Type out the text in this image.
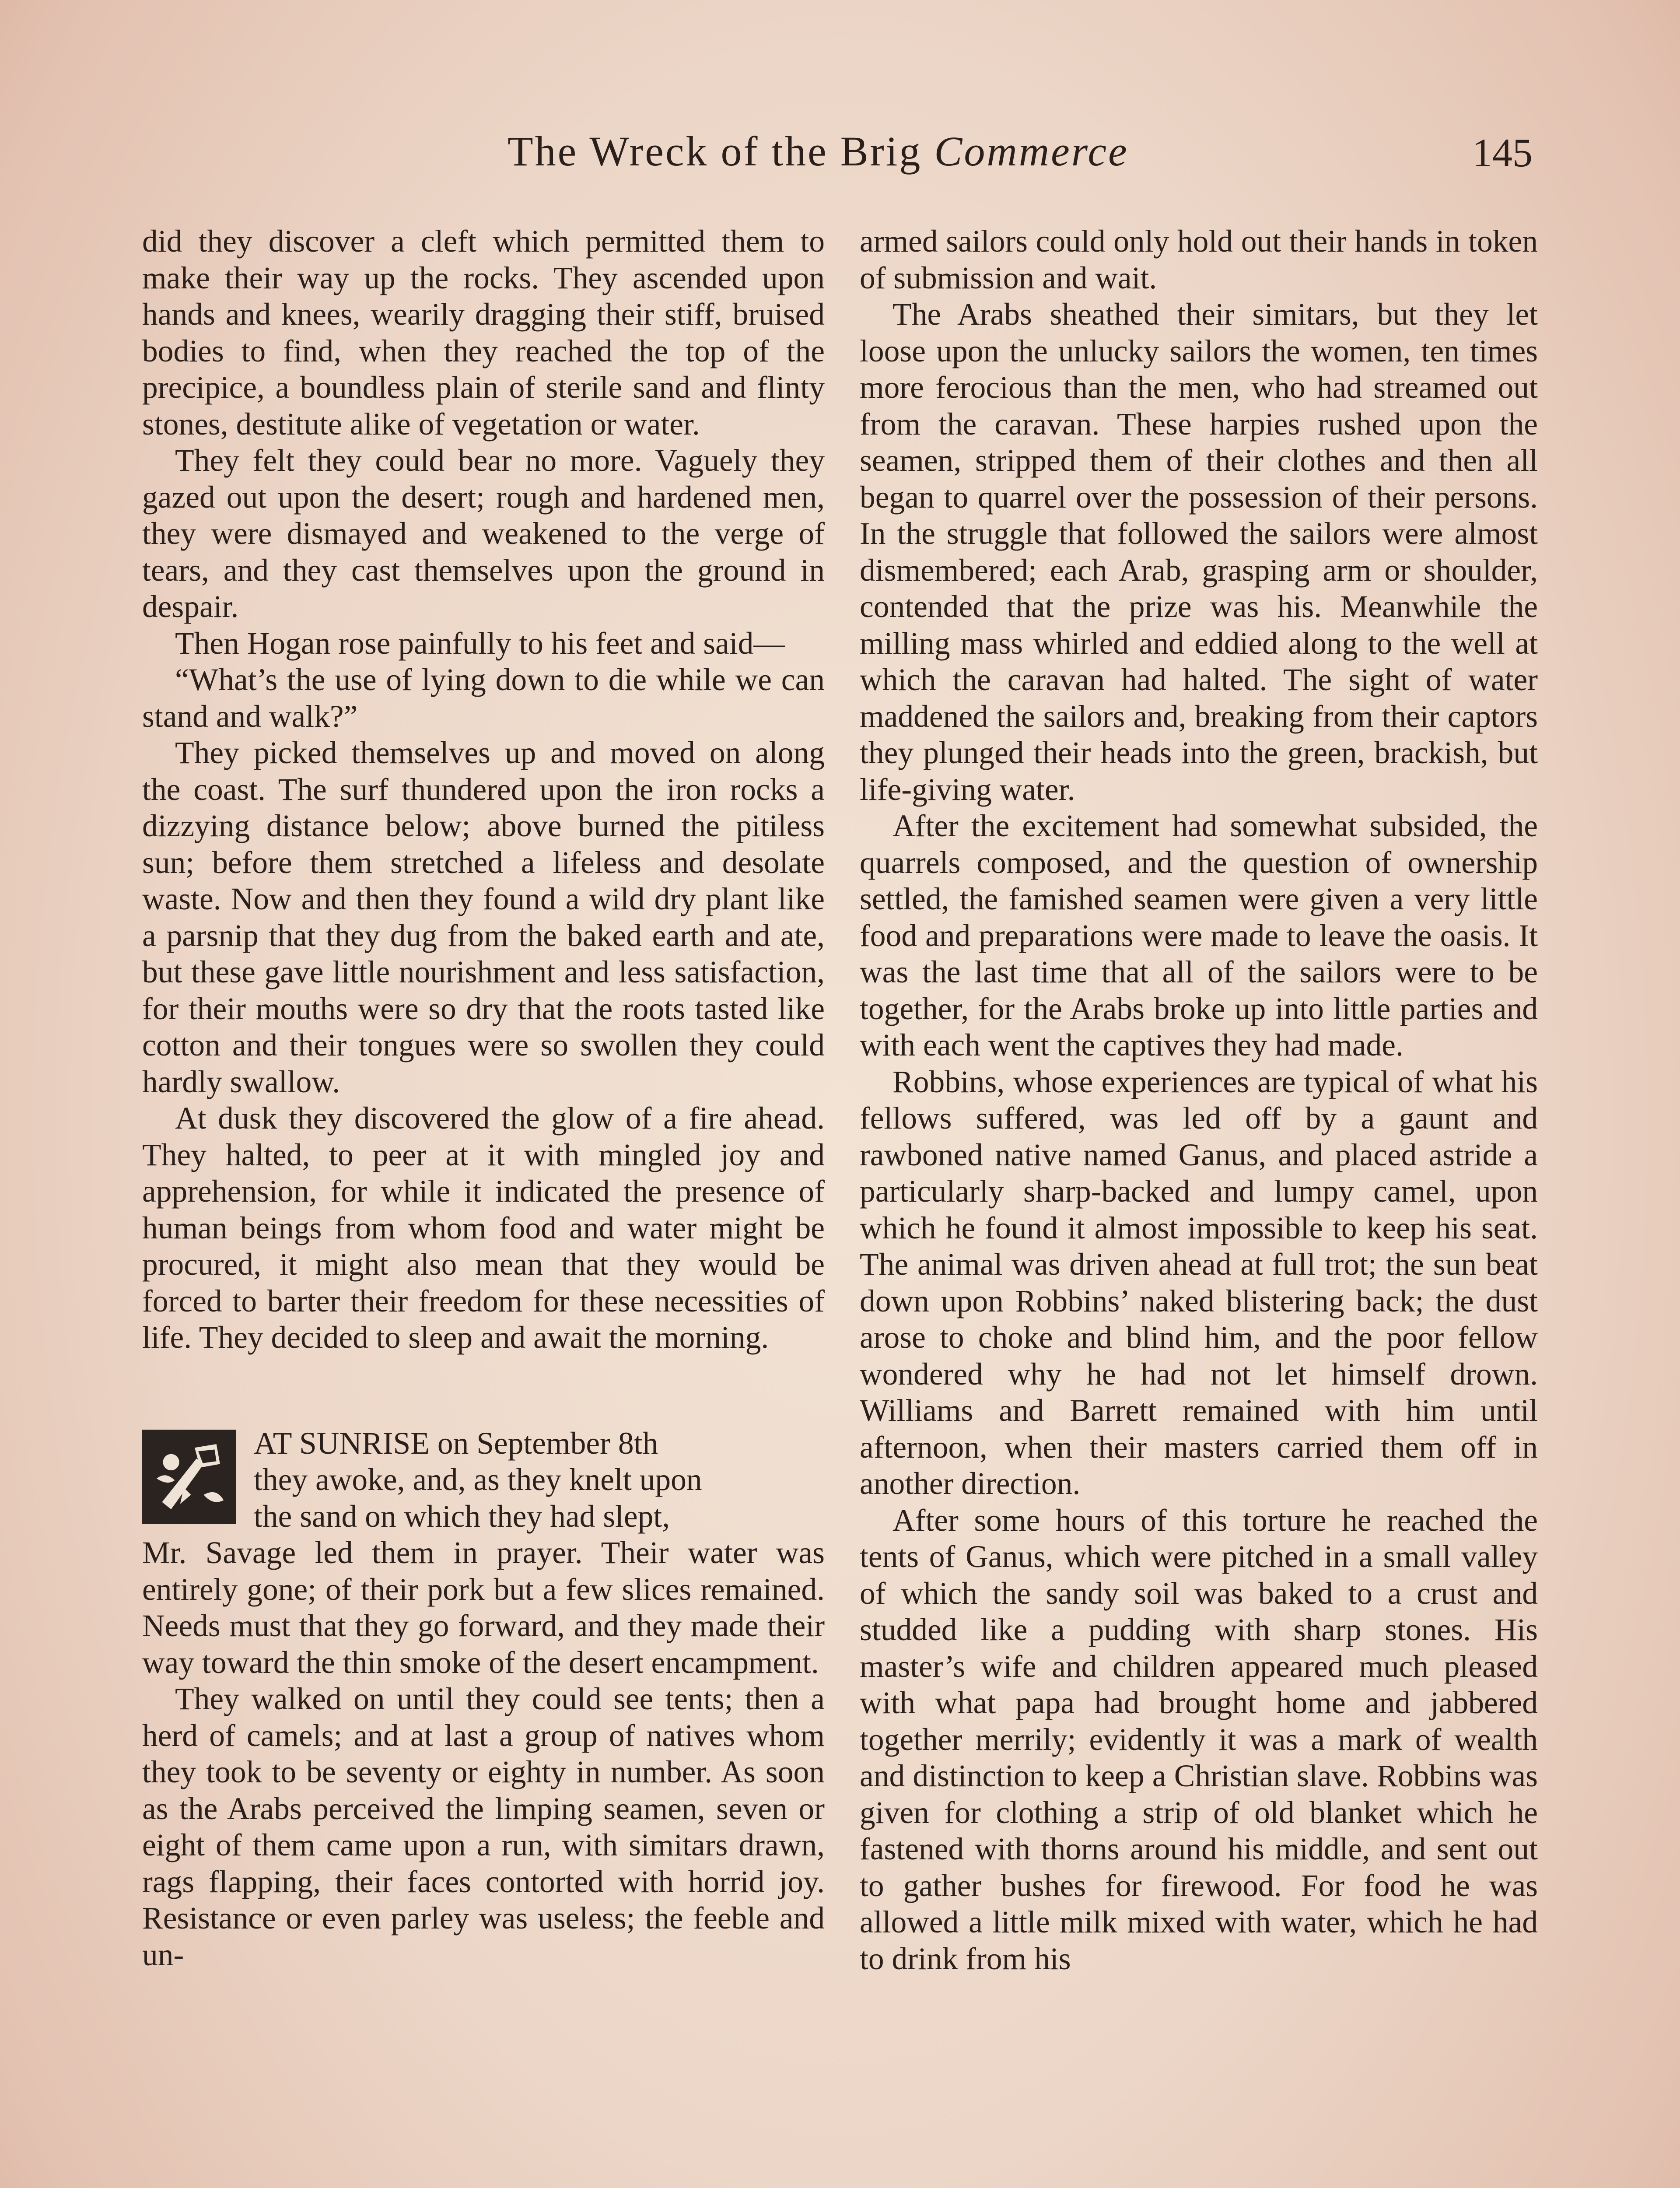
The Wreck of the Brig Commerce	145

did they discover a cleft which permitted them to make their way up the rocks. They ascended upon hands and knees, wearily dragging their stiff, bruised bodies to find, when they reached the top of the precipice, a boundless plain of sterile sand and flinty stones, destitute alike of vegetation or water.

They felt they could bear no more. Vaguely they gazed out upon the desert; rough and hardened men, they were dismayed and weakened to the verge of tears, and they cast themselves upon the ground in despair.

Then Hogan rose painfully to his feet and said—

“What’s the use of lying down to die while we can stand and walk?”

They picked themselves up and moved on along the coast. The surf thundered upon the iron rocks a dizzying distance below; above burned the pitiless sun; before them stretched a lifeless and desolate waste. Now and then they found a wild dry plant like a parsnip that they dug from the baked earth and ate, but these gave little nourishment and less satisfaction, for their mouths were so dry that the roots tasted like cotton and their tongues were so swollen they could hardly swallow.

At dusk they discovered the glow of a fire ahead. They halted, to peer at it with mingled joy and apprehension, for while it indicated the presence of human beings from whom food and water might be procured, it might also mean that they would be forced to barter their freedom for these necessities of life. They decided to sleep and await the morning.

AT SUNRISE on September 8th
they awoke, and, as they knelt upon
the sand on which they had slept,
Mr. Savage led them in prayer. Their water was entirely gone; of their pork but a few slices remained. Needs must that they go forward, and they made their way toward the thin smoke of the desert encampment.

They walked on until they could see tents; then a herd of camels; and at last a group of natives whom they took to be seventy or eighty in number. As soon as the Arabs perceived the limping seamen, seven or eight of them came upon a run, with simitars drawn, rags flapping, their faces contorted with horrid joy. Resistance or even parley was useless; the feeble and un-

armed sailors could only hold out their hands in token of submission and wait.

The Arabs sheathed their simitars, but they let loose upon the unlucky sailors the women, ten times more ferocious than the men, who had streamed out from the caravan. These harpies rushed upon the seamen, stripped them of their clothes and then all began to quarrel over the possession of their persons. In the struggle that followed the sailors were almost dismembered; each Arab, grasping arm or shoulder, contended that the prize was his. Meanwhile the milling mass whirled and eddied along to the well at which the caravan had halted. The sight of water maddened the sailors and, breaking from their captors they plunged their heads into the green, brackish, but life-giving water.

After the excitement had somewhat subsided, the quarrels composed, and the question of ownership settled, the famished seamen were given a very little food and preparations were made to leave the oasis. It was the last time that all of the sailors were to be together, for the Arabs broke up into little parties and with each went the captives they had made.

Robbins, whose experiences are typical of what his fellows suffered, was led off by a gaunt and rawboned native named Ganus, and placed astride a particularly sharp-backed and lumpy camel, upon which he found it almost impossible to keep his seat. The animal was driven ahead at full trot; the sun beat down upon Robbins’ naked blistering back; the dust arose to choke and blind him, and the poor fellow wondered why he had not let himself drown. Williams and Barrett remained with him until afternoon, when their masters carried them off in another direction.

After some hours of this torture he reached the tents of Ganus, which were pitched in a small valley of which the sandy soil was baked to a crust and studded like a pudding with sharp stones. His master’s wife and children appeared much pleased with what papa had brought home and jabbered together merrily; evidently it was a mark of wealth and distinction to keep a Christian slave. Robbins was given for clothing a strip of old blanket which he fastened with thorns around his middle, and sent out to gather bushes for firewood. For food he was allowed a little milk mixed with water, which he had to drink from his
